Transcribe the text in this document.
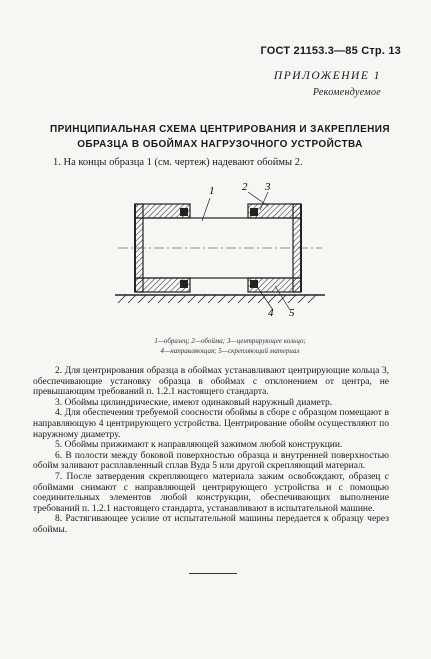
ГОСТ 21153.3—85 Стр. 13
ПРИЛОЖЕНИЕ 1
Рекомендуемое
ПРИНЦИПИАЛЬНАЯ СХЕМА ЦЕНТРИРОВАНИЯ И ЗАКРЕПЛЕНИЯ
ОБРАЗЦА В ОБОЙМАХ НАГРУЗОЧНОГО УСТРОЙСТВА
1. На концы образца 1 (см. чертеж) надевают обоймы 2.
1	2 3
4 5
1—образец; 2—обойма; 3—центрирующее кольцо;
4—направляющая; 5—скрепляющий материал

2. Для центрирования образца в обоймах устанавливают центрирующие кольца 3, обеспечивающие установку образца в обоймах с отклонением от центра, не превышающим требований п. 1.2.1 настоящего стандарта.

3. Обоймы цилиндрические, имеют одинаковый наружный диаметр.

4. Для обеспечения требуемой соосности обоймы в сборе с образцом помещают в направляющую 4 центрирующего устройства. Центрирование обойм осуществляют по наружному диаметру.

5. Обоймы прижимают к направляющей зажимом любой конструкции.

6. В полости между боковой поверхностью образца и внутренней поверхностью обойм заливают расплавленный сплав Вуда 5 или другой скрепляющий материал.

7. После затвердения скрепляющего материала зажим освобождают, образец с обоймами снимают с направляющей центрирующего устройства и с помощью соединительных элементов любой конструкции, обеспечивающих выполнение требований п. 1.2.1 настоящего стандарта, устанавливают в испытательной машине.

8. Растягивающее усилие от испытательной машины передается к образцу через обоймы.
